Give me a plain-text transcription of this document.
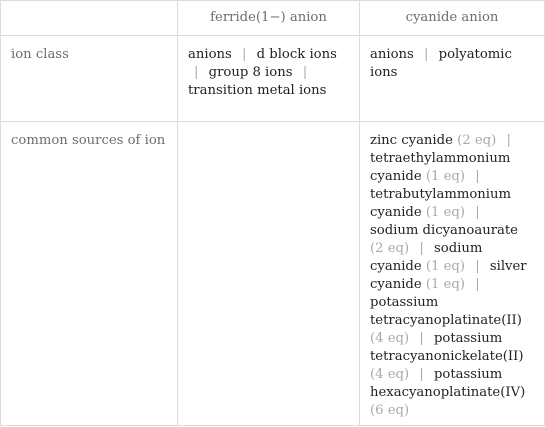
	ferride(1−) anion	cyanide anion
ion class	anions | d block ions | group 8 ions | transition metal ions	anions | polyatomic ions
common sources of ion		zinc cyanide (2 eq) | tetraethylammonium cyanide (1 eq) | tetrabutylammonium cyanide (1 eq) | sodium dicyanoaurate (2 eq) | sodium cyanide (1 eq) | silver cyanide (1 eq) | potassium tetracyanoplatinate(II) (4 eq) | potassium tetracyanonickelate(II) (4 eq) | potassium hexacyanoplatinate(IV) (6 eq)
